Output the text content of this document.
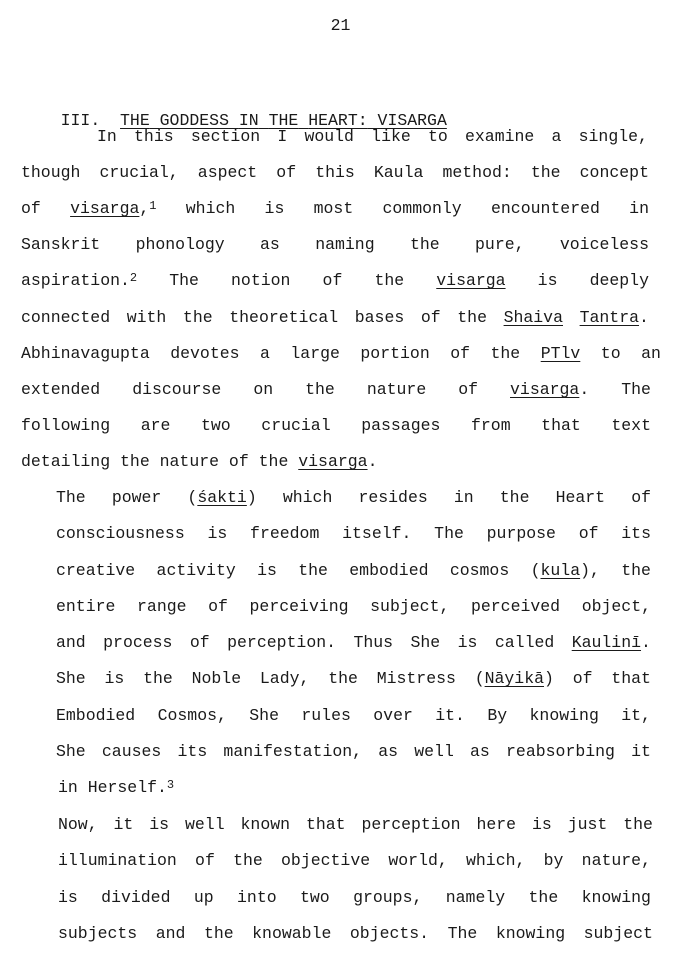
21

III. THE GODDESS IN THE HEART: VISARGA

In this section I would like to examine a single,
though crucial, aspect of this Kaula method: the concept
of visarga,$^1$ which is most commonly encountered in
Sanskrit phonology as naming the pure, voiceless
aspiration.$^2$ The notion of the visarga is deeply
connected with the theoretical bases of the Shaiva Tantra.
Abhinavagupta devotes a large portion of the PTlv to an
extended discourse on the nature of visarga. The
following are two crucial passages from that text
detailing the nature of the visarga.
The power (śakti) which resides in the Heart of
consciousness is freedom itself. The purpose of its
creative activity is the embodied cosmos (kula), the
entire range of perceiving subject, perceived object,
and process of perception. Thus She is called Kaulinī.
She is the Noble Lady, the Mistress (Nāyikā) of that
Embodied Cosmos, She rules over it. By knowing it,
She causes its manifestation, as well as reabsorbing it
in Herself.$^3$
Now, it is well known that perception here is just the
illumination of the objective world, which, by nature,
is divided up into two groups, namely the knowing
subjects and the knowable objects. The knowing subject
